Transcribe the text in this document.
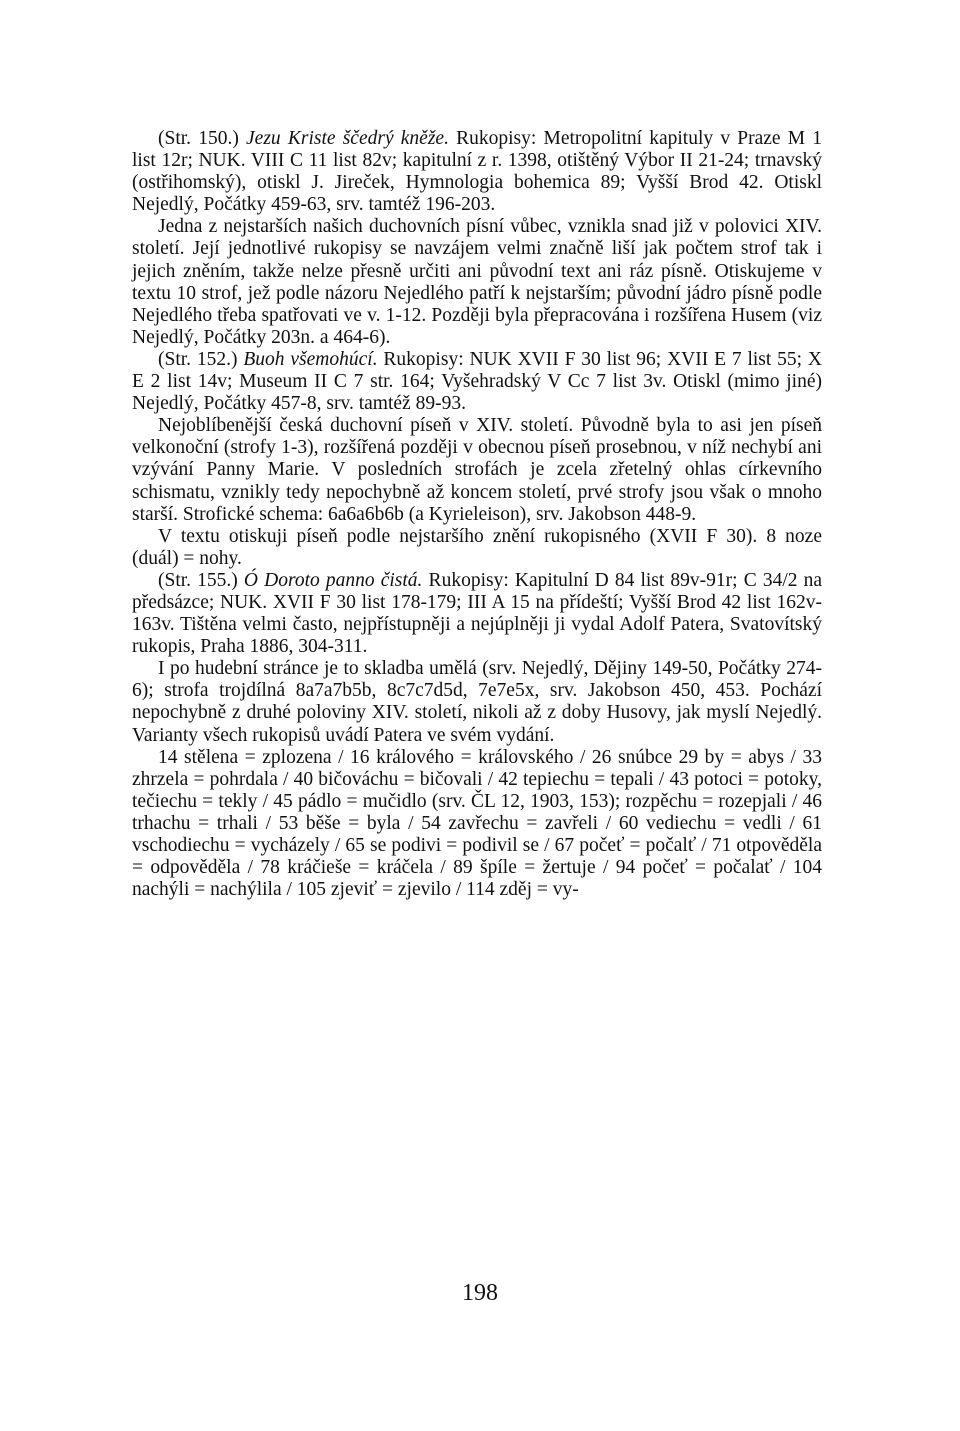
(Str. 150.) Jezu Kriste ščedrý kněže. Rukopisy: Metropolitní kapituly v Praze M 1 list 12r; NUK. VIII C 11 list 82v; kapitulní z r. 1398, otištěný Výbor II 21-24; trnavský (ostřihomský), otiskl J. Jireček, Hymnologia bohemica 89; Vyšší Brod 42. Otiskl Nejedlý, Počátky 459-63, srv. tamtéž 196-203.

Jedna z nejstarších našich duchovních písní vůbec, vznikla snad již v polovici XIV. století. Její jednotlivé rukopisy se navzájem velmi značně liší jak počtem strof tak i jejich zněním, takže nelze přesně určiti ani původní text ani ráz písně. Otiskujeme v textu 10 strof, jež podle názoru Nejedlého patří k nejstarším; původní jádro písně podle Nejedlého třeba spatřovati ve v. 1-12. Později byla přepracována i rozšířena Husem (viz Nejedlý, Počátky 203n. a 464-6).

(Str. 152.) Buoh všemohúcí. Rukopisy: NUK XVII F 30 list 96; XVII E 7 list 55; X E 2 list 14v; Museum II C 7 str. 164; Vyšehradský V Cc 7 list 3v. Otiskl (mimo jiné) Nejedlý, Počátky 457-8, srv. tamtéž 89-93.

Nejoblíbenější česká duchovní píseň v XIV. století. Původně byla to asi jen píseň velkonoční (strofy 1-3), rozšířená později v obecnou píseň prosebnou, v níž nechybí ani vzývání Panny Marie. V posledních strofách je zcela zřetelný ohlas církevního schismatu, vznikly tedy nepochybně až koncem století, prvé strofy jsou však o mnoho starší. Strofické schema: 6a6a6b6b (a Kyrieleison), srv. Jakobson 448-9.

V textu otiskuji píseň podle nejstaršího znění rukopisného (XVII F 30). 8 noze (duál) = nohy.

(Str. 155.) Ó Doroto panno čistá. Rukopisy: Kapitulní D 84 list 89v-91r; C 34/2 na předsázce; NUK. XVII F 30 list 178-179; III A 15 na přídeští; Vyšší Brod 42 list 162v-163v. Tištěna velmi často, nejpřístupněji a nejúplněji ji vydal Adolf Patera, Svatovítský rukopis, Praha 1886, 304-311.

I po hudební stránce je to skladba umělá (srv. Nejedlý, Dějiny 149-50, Počátky 274-6); strofa trojdílná 8a7a7b5b, 8c7c7d5d, 7e7e5x, srv. Jakobson 450, 453. Pochází nepochybně z druhé poloviny XIV. století, nikoli až z doby Husovy, jak myslí Nejedlý. Varianty všech rukopisů uvádí Patera ve svém vydání.

14 stělena = zplozena / 16 králového = královského / 26 snúbce 29 by = abys / 33 zhrzela = pohrdala / 40 bičováchu = bičovali / 42 tepiechu = tepali / 43 potoci = potoky, tečiechu = tekly / 45 pádlo = mučidlo (srv. ČL 12, 1903, 153); rozpěchu = rozepjali / 46 trhachu = trhali / 53 běše = byla / 54 zavřechu = zavřeli / 60 vediechu = vedli / 61 vschodiechu = vycházely / 65 se podivi = podivil se / 67 počeť = počalť / 71 otpověděla = odpověděla / 78 kráčieše = kráčela / 89 špíle = žertuje / 94 počeť = počalať / 104 nachýli = nachýlila / 105 zjeviť = zjevilo / 114 zděj = vy-

198
